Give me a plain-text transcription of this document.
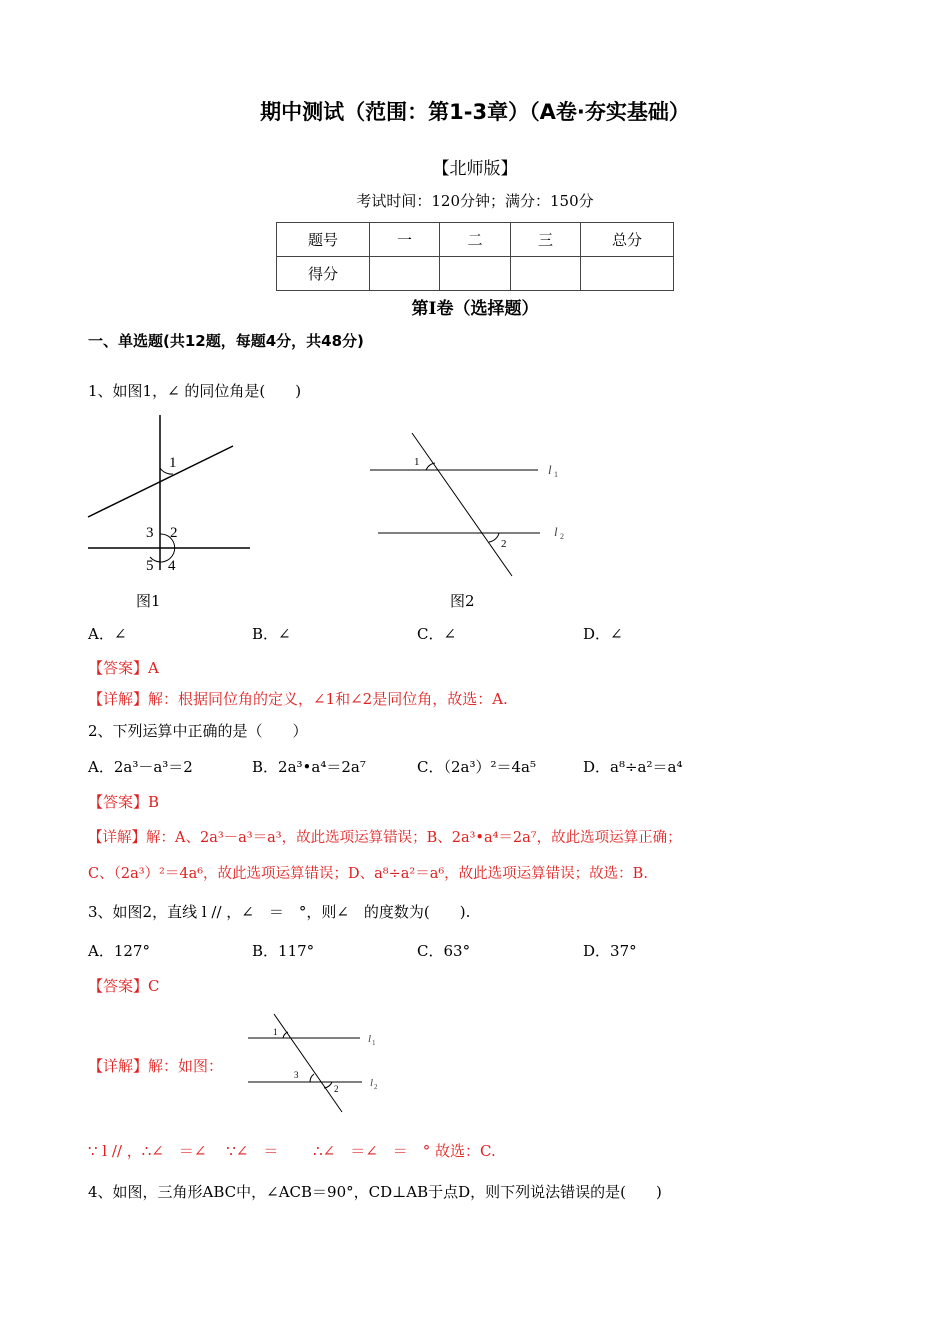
期中测试（范围：第1-3章）（A卷·夯实基础）
【北师版】
考试时间：120分钟；满分：150分
题号	一	二	三	总分
得分				
第Ⅰ卷（选择题）
一、单选题(共12题，每题4分，共48分)
1、如图1，∠ 的同位角是(　　)
1
3 2
5 4
1
2
l 1
l 2
图1	图2
A．∠	B．∠	C．∠	D．∠
【答案】A
【详解】解：根据同位角的定义，∠1和∠2是同位角，故选：A.
2、下列运算中正确的是（　　）
A．2a³－a³＝2	B．2a³•a⁴＝2a⁷	C．（2a³）²＝4a⁵	D．a⁸÷a²＝a⁴
【答案】B
【详解】解：A、2a³－a³＝a³，故此选项运算错误；B、2a³•a⁴＝2a⁷，故此选项运算正确；
C、（2a³）²＝4a⁶，故此选项运算错误；D、a⁸÷a²＝a⁶，故此选项运算错误；故选：B.
3、如图2，直线 l // ，∠　＝　°，则∠　的度数为(　　).
A．127°	B．117°	C．63°	D．37°
【答案】C
【详解】解：如图：
1
3
2
l 1
l 2
∵ l // ，∴∠　＝∠　 ∵∠　＝　　 ∴∠　＝∠　＝　° 故选：C.
4、如图，三角形ABC中，∠ACB＝90°，CD⊥AB于点D，则下列说法错误的是(　　)
